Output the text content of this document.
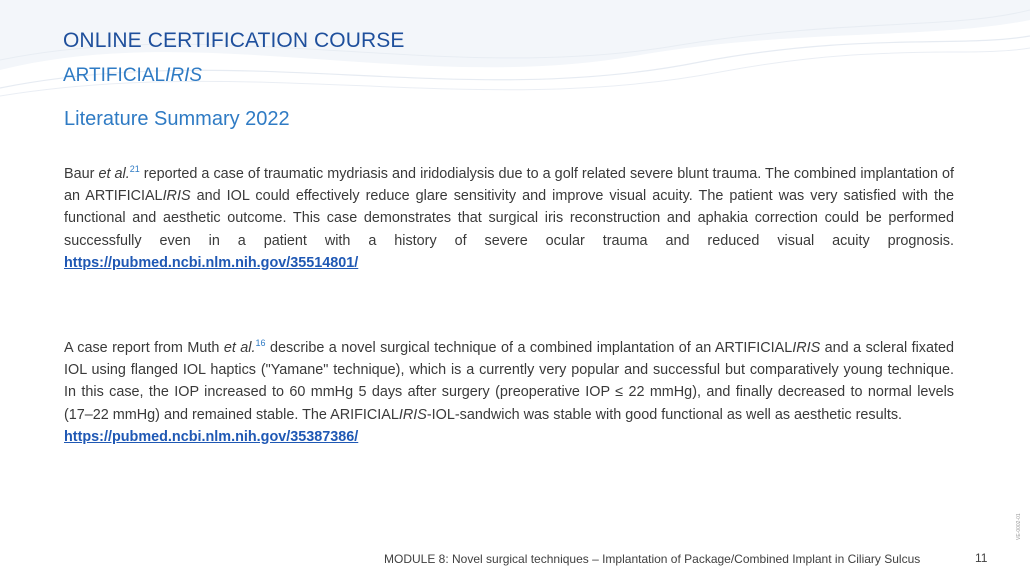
ONLINE CERTIFICATION COURSE
ARTIFICIALIRIS
Literature Summary 2022

Baur et al.$^{21}$ reported a case of traumatic mydriasis and iridodialysis due to a golf related severe blunt trauma. The combined implantation of an ARTIFICIALIRIS and IOL could effectively reduce glare sensitivity and improve visual acuity. The patient was very satisfied with the functional and aesthetic outcome. This case demonstrates that surgical iris reconstruction and aphakia correction could be performed successfully even in a patient with a history of severe ocular trauma and reduced visual acuity prognosis. https://pubmed.ncbi.nlm.nih.gov/35514801/

A case report from Muth et al.$^{16}$ describe a novel surgical technique of a combined implantation of an ARTIFICIALIRIS and a scleral fixated IOL using flanged IOL haptics ("Yamane" technique), which is a currently very popular and successful but comparatively young technique. In this case, the IOP increased to 60 mmHg 5 days after surgery (preoperative IOP ≤ 22 mmHg), and finally decreased to normal levels (17–22 mmHg) and remained stable. The ARIFICIALIRIS-IOL-sandwich was stable with good functional as well as aesthetic results.
https://pubmed.ncbi.nlm.nih.gov/35387386/

MODULE 8: Novel surgical techniques – Implantation of Package/Combined Implant in Ciliary Sulcus	11
VE-0002-01
